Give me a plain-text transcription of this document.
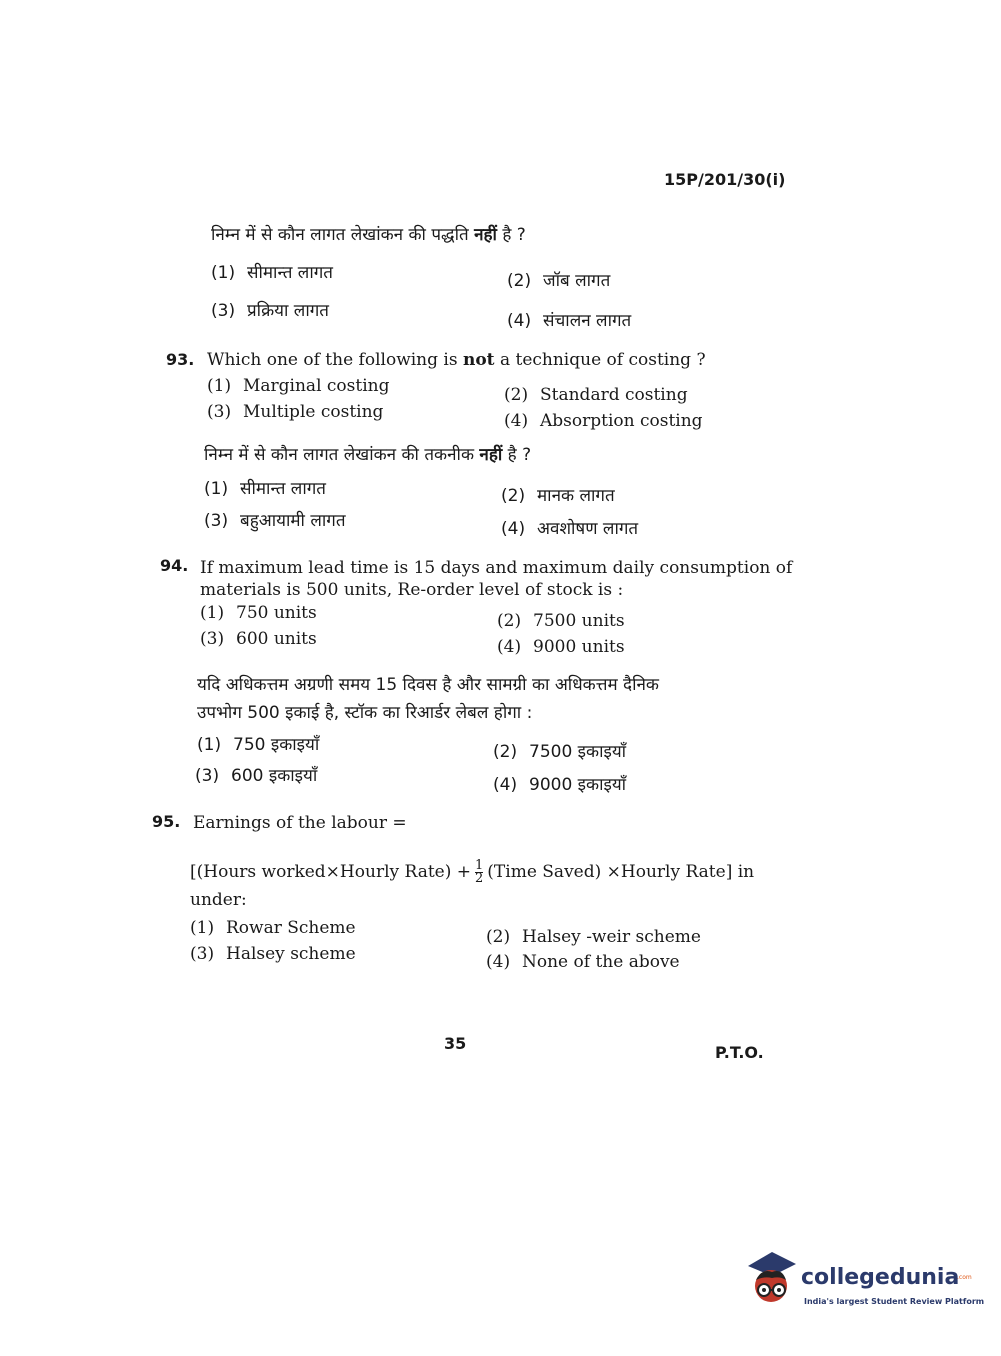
15P/201/30(i)
निम्न में से कौन लागत लेखांकन की पद्धति नहीं है ?
(1) सीमान्त लागत	(2) जॉब लागत
(3) प्रक्रिया लागत	(4) संचालन लागत
93. Which one of the following is not a technique of costing ?
(1) Marginal costing	(2) Standard costing
(3) Multiple costing	(4) Absorption costing
निम्न में से कौन लागत लेखांकन की तकनीक नहीं है ?
(1) सीमान्त लागत	(2) मानक लागत
(3) बहुआयामी लागत	(4) अवशोषण लागत
94. If maximum lead time is 15 days and maximum daily consumption of
materials is 500 units, Re-order level of stock is :
(1) 750 units	(2) 7500 units
(3) 600 units	(4) 9000 units
यदि अधिकत्तम अग्रणी समय 15 दिवस है और सामग्री का अधिकत्तम दैनिक
उपभोग 500 इकाई है, स्टॉक का रिआर्डर लेबल होगा :
(1) 750 इकाइयाँ	(2) 7500 इकाइयाँ
(3) 600 इकाइयाँ	(4) 9000 इकाइयाँ
95. Earnings of the labour =
[(Hours worked×Hourly Rate) + $\frac{1}{2}$ (Time Saved) ×Hourly Rate] in
under:
(1) Rowar Scheme	(2) Halsey -weir scheme
(3) Halsey scheme	(4) None of the above
35	P.T.O.
collegedunia
.com
India's largest Student Review Platform
